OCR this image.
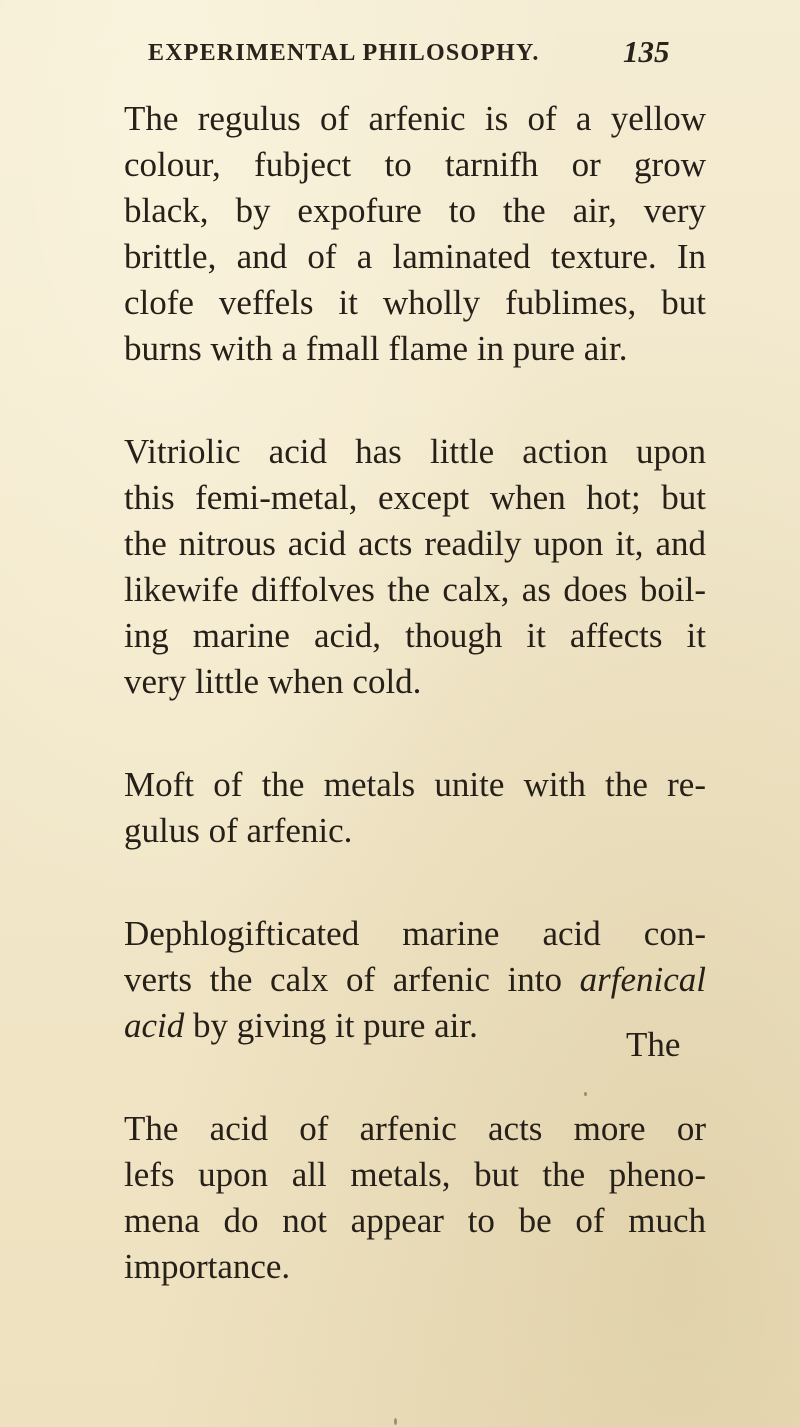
EXPERIMENTAL PHILOSOPHY.	135
The regulus of arfenic is of a yellow
colour, fubject to tarnifh or grow
black, by expofure to the air, very
brittle, and of a laminated texture. In
clofe veffels it wholly fublimes, but
burns with a fmall flame in pure air.
Vitriolic acid has little action upon
this femi-metal, except when hot; but
the nitrous acid acts readily upon it, and
likewife diffolves the calx, as does boil-
ing marine acid, though it affects it
very little when cold.
Moft of the metals unite with the re-
gulus of arfenic.
Dephlogifticated marine acid con-
verts the calx of arfenic into arfenical
acid by giving it pure air.
The acid of arfenic acts more or
lefs upon all metals, but the pheno-
mena do not appear to be of much
importance.
The
